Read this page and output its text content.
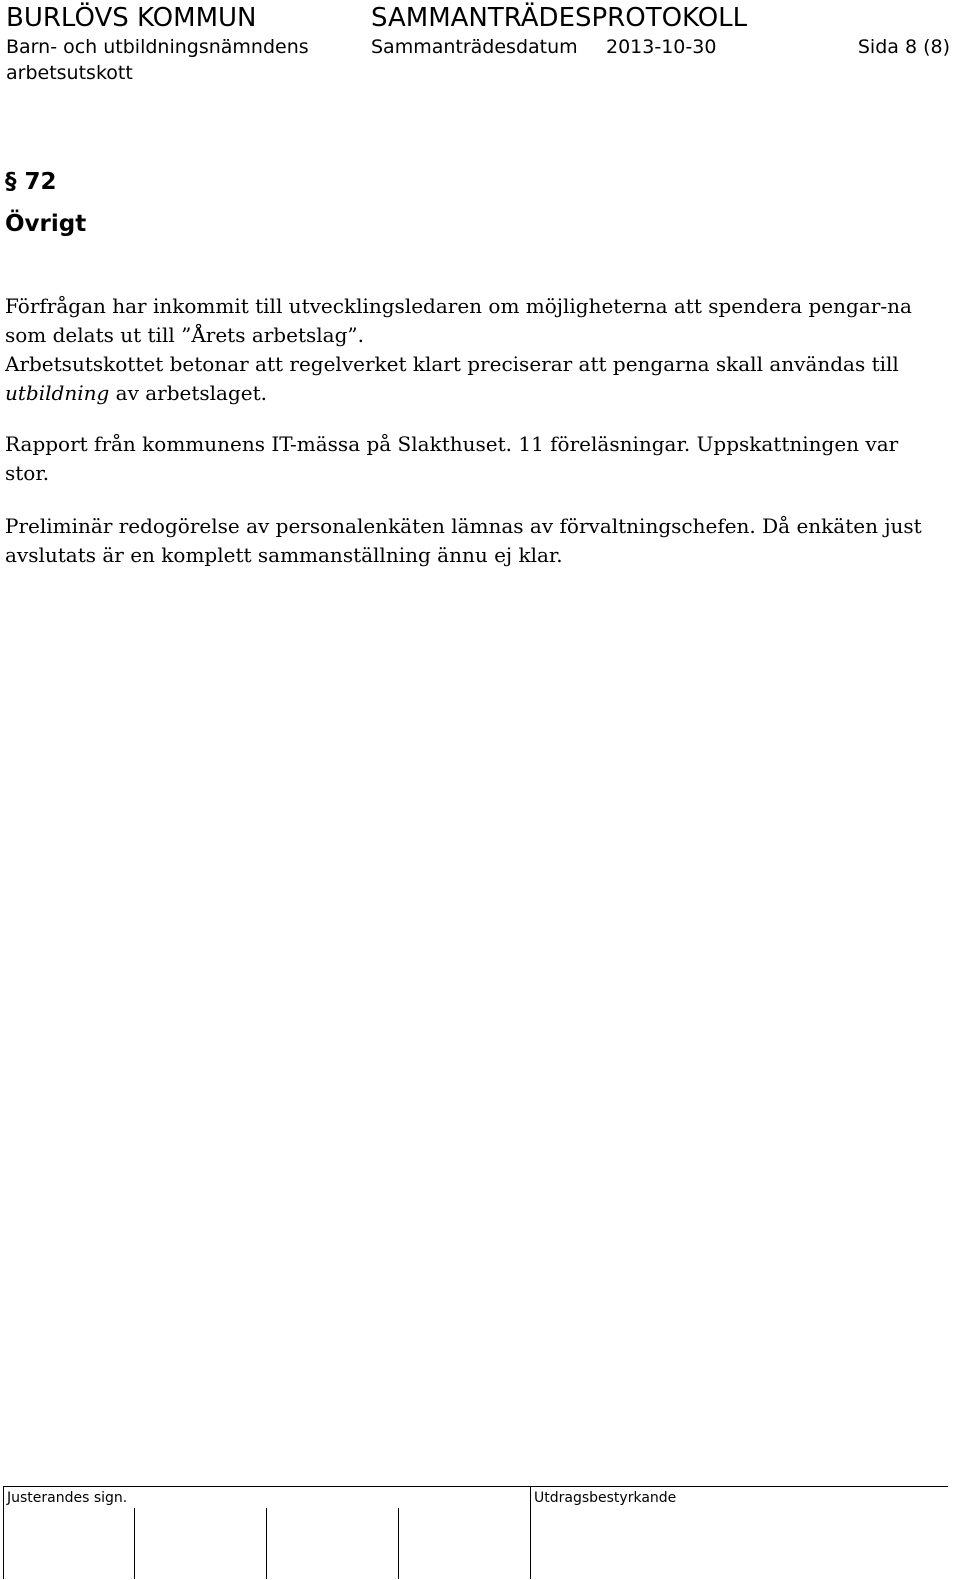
BURLÖVS KOMMUN	SAMMANTRÄDESPROTOKOLL
Barn- och utbildningsnämndens
arbetsutskott
Sammanträdesdatum 2013-10-30	Sida 8 (8)
§ 72
Övrigt

Förfrågan har inkommit till utvecklingsledaren om möjligheterna att spendera pengar-na som delats ut till ”Årets arbetslag”.

Arbetsutskottet betonar att regelverket klart preciserar att pengarna skall användas till utbildning av arbetslaget.

Rapport från kommunens IT-mässa på Slakthuset. 11 föreläsningar. Uppskattningen var stor.

Preliminär redogörelse av personalenkäten lämnas av förvaltningschefen. Då enkäten just avslutats är en komplett sammanställning ännu ej klar.

Justerandes sign.	Utdragsbestyrkande
